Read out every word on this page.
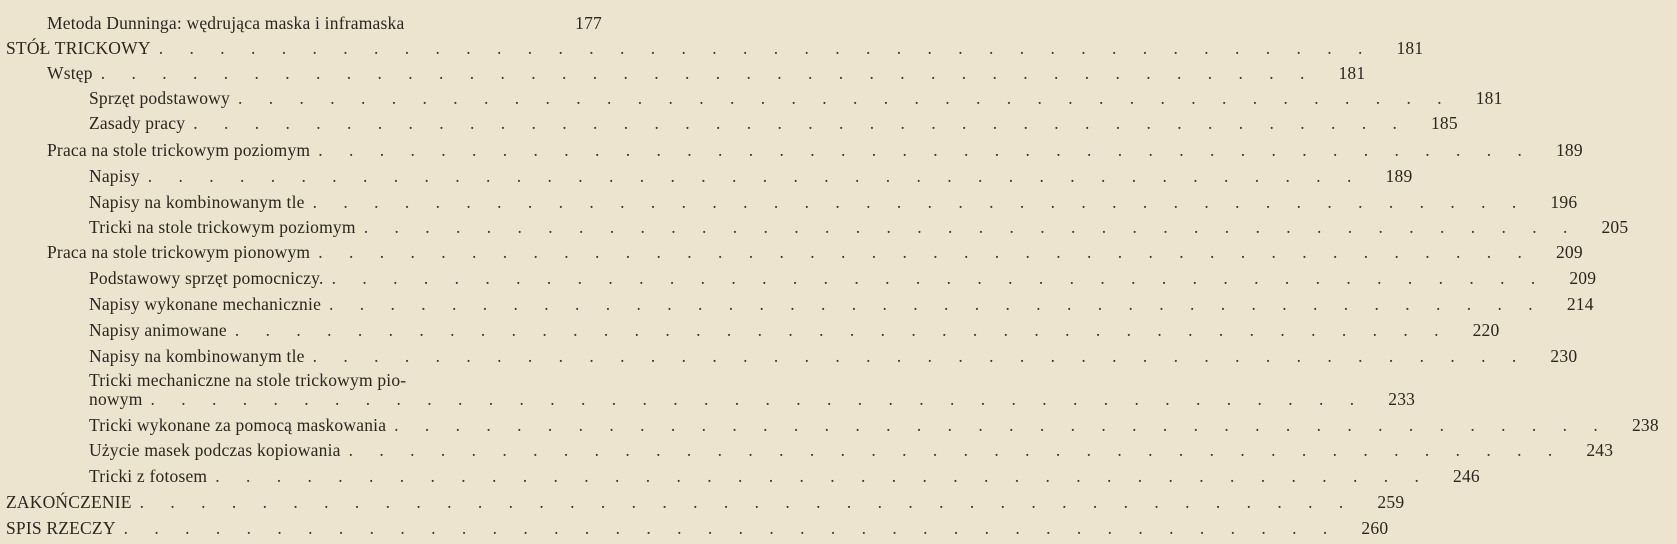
Metoda Dunninga: wędrująca maska i inframaska	177
STÓŁ TRICKOWY . . . . . . . . . . . . . . . . . . . . . . . . . . . . . . . . . . . . . . . .	181
Wstęp . . . . . . . . . . . . . . . . . . . . . . . . . . . . . . . . . . . . . . . .	181
Sprzęt podstawowy . . . . . . . . . . . . . . . . . . . . . . . . . . . . . . . . . . . . . . . .	181
Zasady pracy . . . . . . . . . . . . . . . . . . . . . . . . . . . . . . . . . . . . . . . .	185
Praca na stole trickowym poziomym . . . . . . . . . . . . . . . . . . . . . . . . . . . . . . . . . . . . . . . .	189
Napisy . . . . . . . . . . . . . . . . . . . . . . . . . . . . . . . . . . . . . . . .	189
Napisy na kombinowanym tle . . . . . . . . . . . . . . . . . . . . . . . . . . . . . . . . . . . . . . . .	196
Tricki na stole trickowym poziomym . . . . . . . . . . . . . . . . . . . . . . . . . . . . . . . . . . . . . . . .	205
Praca na stole trickowym pionowym . . . . . . . . . . . . . . . . . . . . . . . . . . . . . . . . . . . . . . . .	209
Podstawowy sprzęt pomocniczy. . . . . . . . . . . . . . . . . . . . . . . . . . . . . . . . . . . . . . . . .	209
Napisy wykonane mechanicznie . . . . . . . . . . . . . . . . . . . . . . . . . . . . . . . . . . . . . . . .	214
Napisy animowane . . . . . . . . . . . . . . . . . . . . . . . . . . . . . . . . . . . . . . . .	220
Napisy na kombinowanym tle . . . . . . . . . . . . . . . . . . . . . . . . . . . . . . . . . . . . . . . .	230
Tricki mechaniczne na stole trickowym pio-
nowym . . . . . . . . . . . . . . . . . . . . . . . . . . . . . . . . . . . . . . . .	233
Tricki wykonane za pomocą maskowania . . . . . . . . . . . . . . . . . . . . . . . . . . . . . . . . . . . . . . . .	238
Użycie masek podczas kopiowania . . . . . . . . . . . . . . . . . . . . . . . . . . . . . . . . . . . . . . . .	243
Tricki z fotosem . . . . . . . . . . . . . . . . . . . . . . . . . . . . . . . . . . . . . . . .	246
ZAKOŃCZENIE . . . . . . . . . . . . . . . . . . . . . . . . . . . . . . . . . . . . . . . .	259
SPIS RZECZY . . . . . . . . . . . . . . . . . . . . . . . . . . . . . . . . . . . . . . . .	260
